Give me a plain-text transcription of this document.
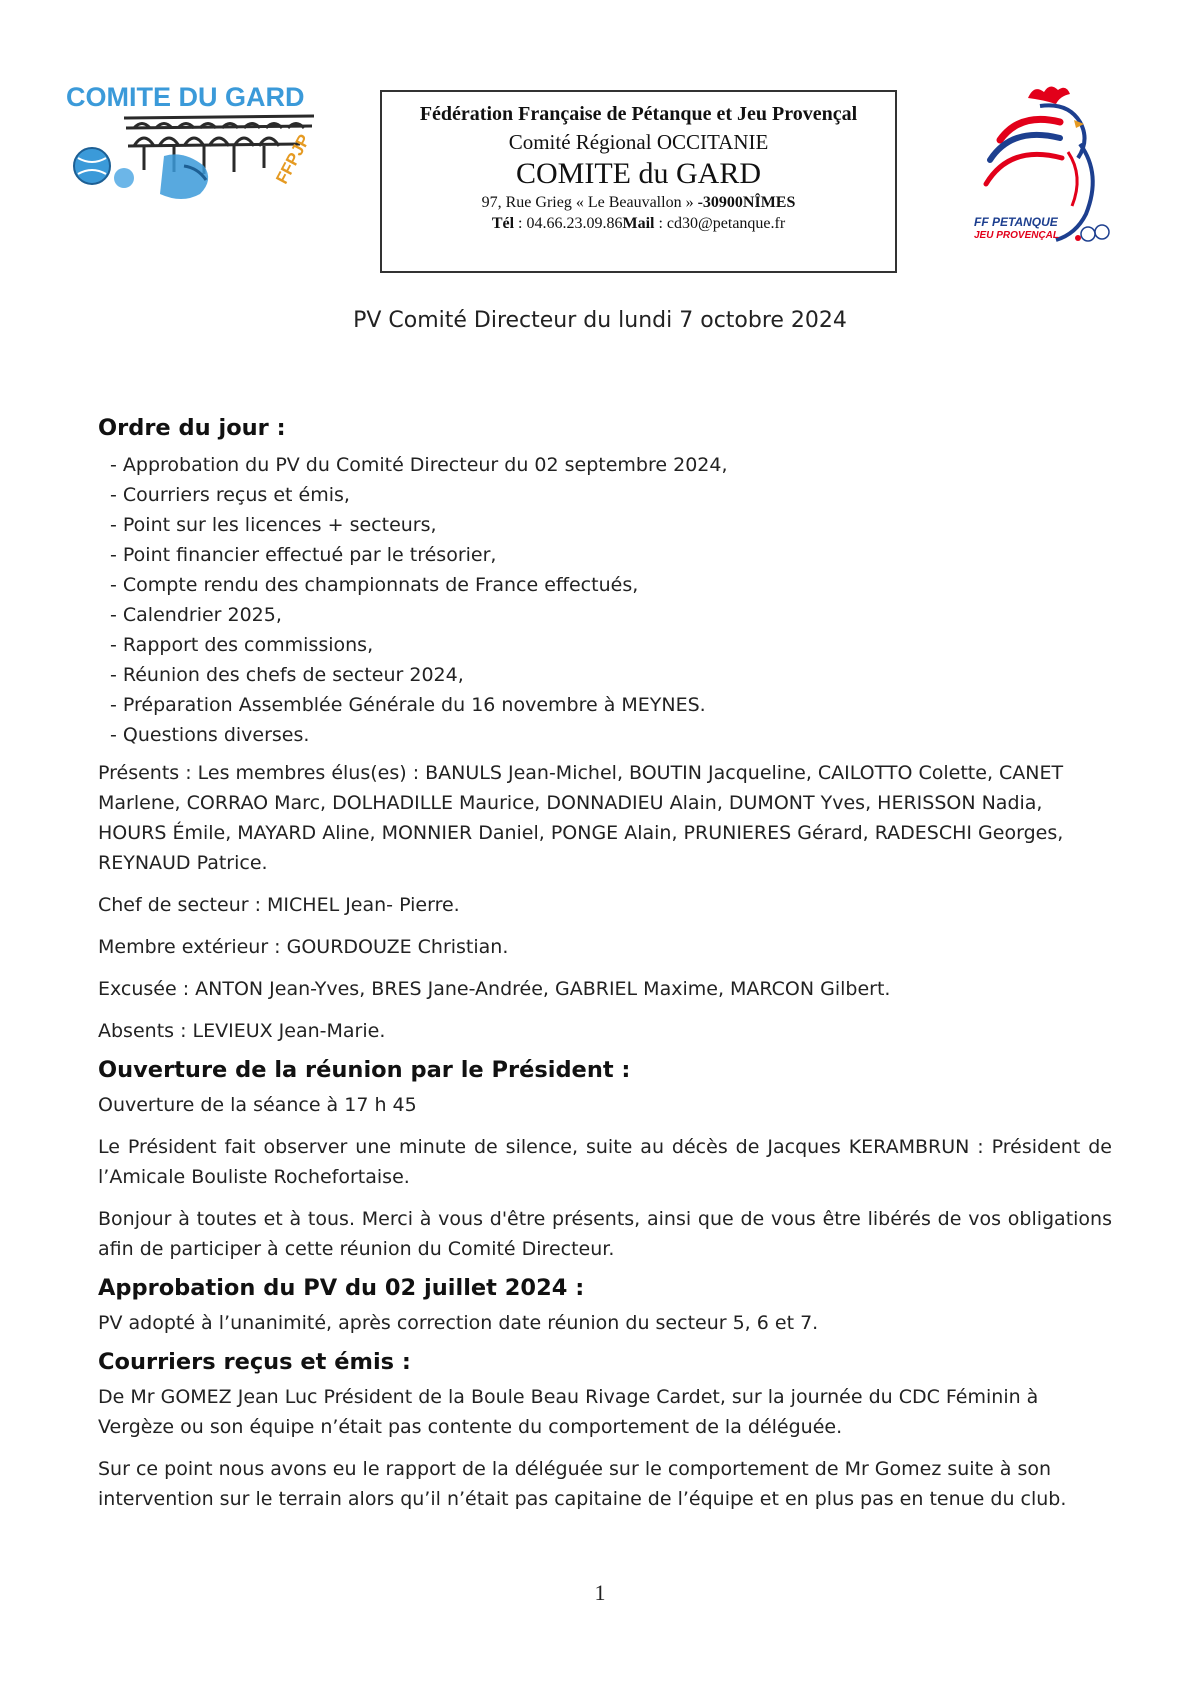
COMITÉ DU GARD
FFPJP
Fédération Française de Pétanque et Jeu Provençal
Comité Régional OCCITANIE
COMITE du GARD
97, Rue Grieg « Le Beauvallon » -30900NÎMES
Tél : 04.66.23.09.86Mail : cd30@petanque.fr	FF PETANQUE
JEU PROVENÇAL
PV Comité Directeur du lundi 7 octobre 2024
Ordre du jour :
- Approbation du PV du Comité Directeur du 02 septembre 2024,
- Courriers reçus et émis,
- Point sur les licences + secteurs,
- Point financier effectué par le trésorier,
- Compte rendu des championnats de France effectués,
- Calendrier 2025,
- Rapport des commissions,
- Réunion des chefs de secteur 2024,
- Préparation Assemblée Générale du 16 novembre à MEYNES.
- Questions diverses.

Présents : Les membres élus(es) : BANULS Jean-Michel, BOUTIN Jacqueline, CAILOTTO Colette, CANET Marlene, CORRAO Marc, DOLHADILLE Maurice, DONNADIEU Alain, DUMONT Yves, HERISSON Nadia, HOURS Émile, MAYARD Aline, MONNIER Daniel, PONGE Alain, PRUNIERES Gérard, RADESCHI Georges, REYNAUD Patrice.

Chef de secteur : MICHEL Jean- Pierre.

Membre extérieur : GOURDOUZE Christian.

Excusée : ANTON Jean-Yves, BRES Jane-Andrée, GABRIEL Maxime, MARCON Gilbert.

Absents : LEVIEUX Jean-Marie.

Ouverture de la réunion par le Président :

Ouverture de la séance à 17 h 45

Le Président fait observer une minute de silence, suite au décès de Jacques KERAMBRUN : Président de l’Amicale Bouliste Rochefortaise.

Bonjour à toutes et à tous. Merci à vous d'être présents, ainsi que de vous être libérés de vos obligations afin de participer à cette réunion du Comité Directeur.

Approbation du PV du 02 juillet 2024 :

PV adopté à l’unanimité, après correction date réunion du secteur 5, 6 et 7.

Courriers reçus et émis :

De Mr GOMEZ Jean Luc Président de la Boule Beau Rivage Cardet, sur la journée du CDC Féminin à Vergèze ou son équipe n’était pas contente du comportement de la déléguée.

Sur ce point nous avons eu le rapport de la déléguée sur le comportement de Mr Gomez suite à son intervention sur le terrain alors qu’il n’était pas capitaine de l’équipe et en plus pas en tenue du club.

1
